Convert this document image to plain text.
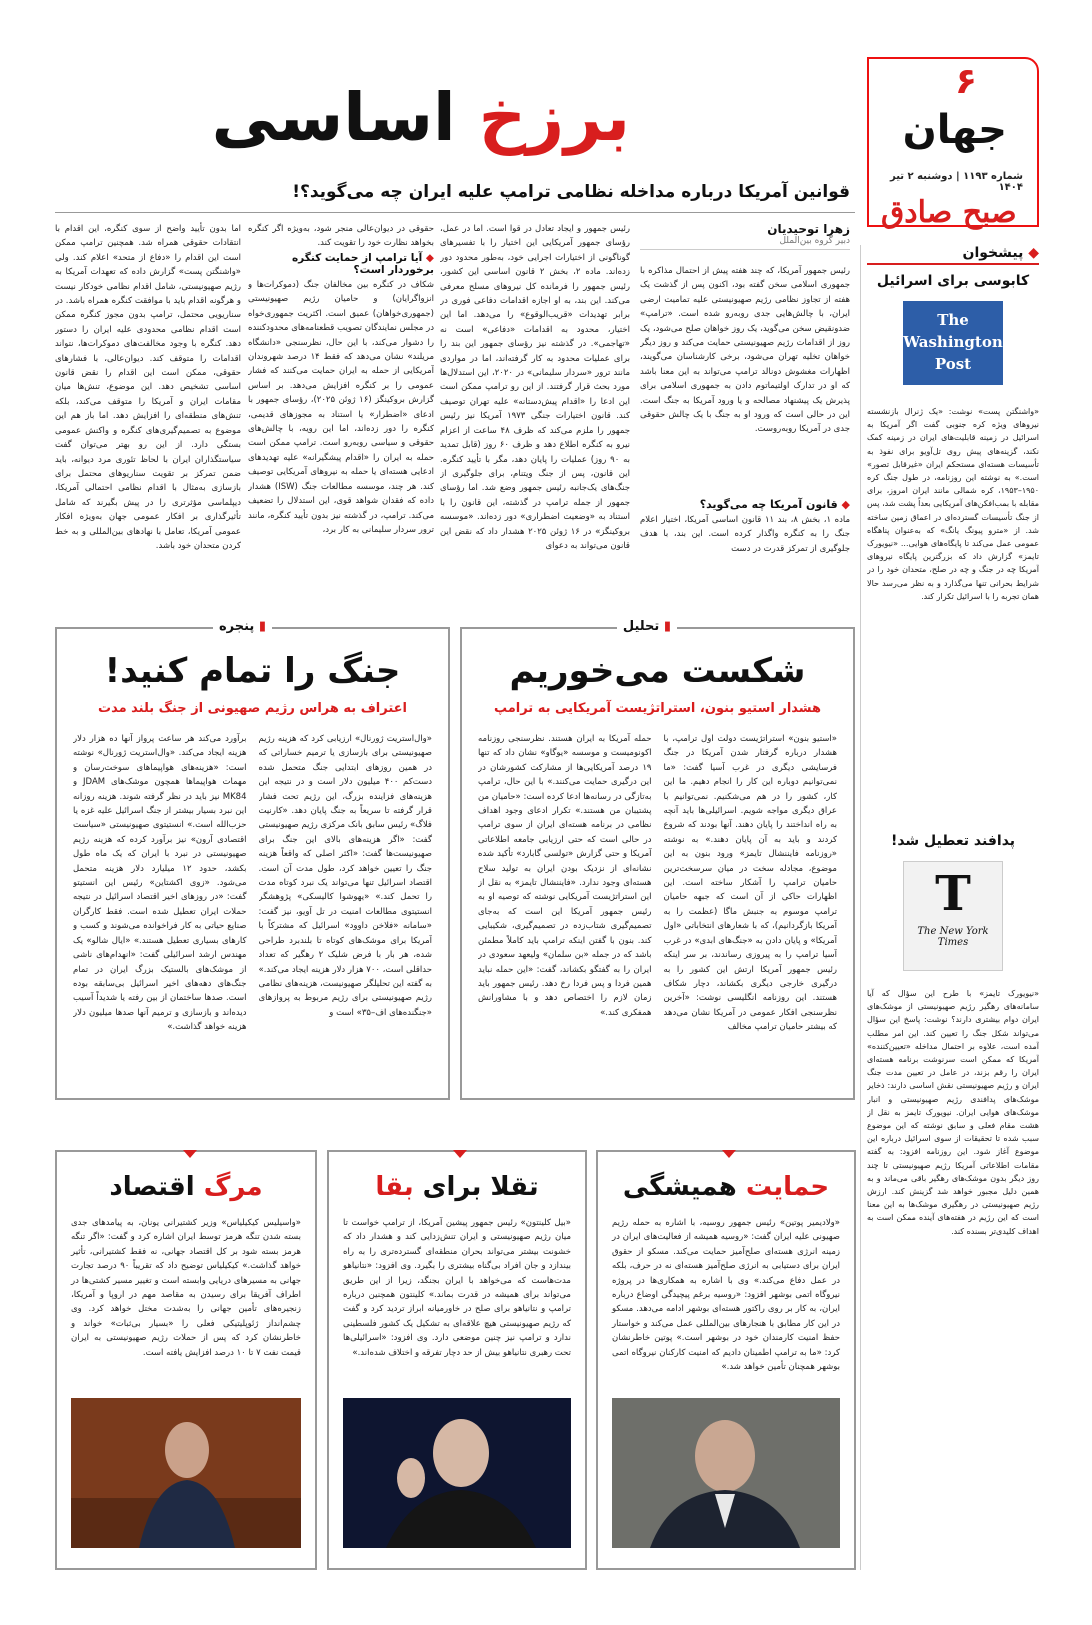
۶
جهان
شماره ۱۱۹۳ | دوشنبه ۲ تیر ۱۴۰۴
صبح صادق
برزخ اساسی
قوانین آمریکا درباره مداخله نظامی ترامپ علیه ایران چه می‌گوید؟!
زهرا توحیدیان
دبیر گروه بین‌الملل
رئیس جمهور آمریکا، که چند هفته پیش از احتمال مذاکره با جمهوری اسلامی سخن گفته بود، اکنون پس از گذشت یک هفته از تجاوز نظامی رژیم صهیونیستی علیه تمامیت ارضی ایران، با چالش‌هایی جدی روبه‌رو شده است. «ترامپ» ضدونقیض سخن می‌گوید، یک روز خواهان صلح می‌شود، یک روز از اقدامات رژیم صهیونیستی حمایت می‌کند و روز دیگر خواهان تخلیه تهران می‌شود، برخی کارشناسان می‌گویند، اظهارات مغشوش دونالد ترامپ می‌تواند به این معنا باشد که او در تدارک اولتیماتوم دادن به جمهوری اسلامی برای پذیرش یک پیشنهاد مصالحه و یا ورود آمریکا به جنگ است. این در حالی است که ورود او به جنگ با یک چالش حقوقی جدی در آمریکا روبه‌روست.
◆ قانون آمریکا چه می‌گوید؟
ماده ۱، بخش ۸، بند ۱۱ قانون اساسی آمریکا، اختیار اعلام جنگ را به کنگره واگذار کرده است. این بند، با هدف جلوگیری از تمرکز قدرت در دست
رئیس جمهور و ایجاد تعادل در قوا است. اما در عمل، رؤسای جمهور آمریکایی این اختیار را با تفسیرهای گوناگونی از اختیارات اجرایی خود، به‌طور محدود دور زده‌اند. ماده ۲، بخش ۲ قانون اساسی این کشور، رئیس جمهور را فرمانده کل نیروهای مسلح معرفی می‌کند. این بند، به او اجازه اقدامات دفاعی فوری در برابر تهدیدات «قریب‌الوقوع» را می‌دهد. اما این اختیار، محدود به اقدامات «دفاعی» است نه «تهاجمی». در گذشته نیز رؤسای جمهور این بند را برای عملیات محدود به کار گرفته‌اند، اما در مواردی مانند ترور «سردار سلیمانی» در ۲۰۲۰، این استدلال‌ها مورد بحث قرار گرفتند. از این رو ترامپ ممکن است این ادعا را «اقدام پیش‌دستانه» علیه تهران توصیف کند. قانون اختیارات جنگی ۱۹۷۳ آمریکا نیز رئیس جمهور را ملزم می‌کند که ظرف ۴۸ ساعت از اعزام نیرو به کنگره اطلاع دهد و ظرف ۶۰ روز (قابل تمدید به ۹۰ روز) عملیات را پایان دهد، مگر با تأیید کنگره. این قانون، پس از جنگ ویتنام، برای جلوگیری از جنگ‌های یک‌جانبه رئیس جمهور وضع شد. اما رؤسای جمهور از جمله ترامپ در گذشته، این قانون را با استناد به «وضعیت اضطراری» دور زده‌اند. «موسسه بروکینگز» در ۱۶ ژوئن ۲۰۲۵ هشدار داد که نقض این قانون می‌تواند به دعوای
حقوقی در دیوان‌عالی منجر شود، به‌ویژه اگر کنگره بخواهد نظارت خود را تقویت کند.
◆ آیا ترامپ از حمایت کنگره برخوردار است؟
شکاف در کنگره بین مخالفان جنگ (دموکرات‌ها و انزواگرایان) و حامیان رژیم صهیونیستی (جمهوری‌خواهان) عمیق است. اکثریت جمهوری‌خواه در مجلس نمایندگان تصویب قطعنامه‌های محدودکننده را دشوار می‌کند، با این حال، نظرسنجی «دانشگاه مریلند» نشان می‌دهد که فقط ۱۴ درصد شهروندان آمریکایی از حمله به ایران حمایت می‌کنند که فشار عمومی را بر کنگره افزایش می‌دهد. بر اساس گزارش بروکینگز (۱۶ ژوئن ۲۰۲۵)، رؤسای جمهور با ادعای «اضطرار» یا استناد به مجوزهای قدیمی، کنگره را دور زده‌اند، اما این رویه، با چالش‌های حقوقی و سیاسی روبه‌رو است. ترامپ ممکن است حمله به ایران را «اقدام پیشگیرانه» علیه تهدیدهای ادعایی هسته‌ای یا حمله به نیروهای آمریکایی توصیف کند. هر چند، موسسه مطالعات جنگ (ISW) هشدار داده که فقدان شواهد قوی، این استدلال را تضعیف می‌کند. ترامپ، در گذشته نیز بدون تأیید کنگره، مانند ترور سردار سلیمانی به کار برد،
اما بدون تأیید واضح از سوی کنگره، این اقدام با انتقادات حقوقی همراه شد. همچنین ترامپ ممکن است این اقدام را «دفاع از متحد» اعلام کند. ولی «واشنگتن پست» گزارش داده که تعهدات آمریکا به رژیم صهیونیستی، شامل اقدام نظامی خودکار نیست و هرگونه اقدام باید با موافقت کنگره همراه باشد. در سناریویی محتمل، ترامپ بدون مجوز کنگره ممکن است اقدام نظامی محدودی علیه ایران را دستور دهد. کنگره با وجود مخالفت‌های دموکرات‌ها، نتواند اقدامات را متوقف کند. دیوان‌عالی، با فشارهای حقوقی، ممکن است این اقدام را نقض قانون اساسی تشخیص دهد. این موضوع، تنش‌ها میان مقامات ایران و آمریکا را متوقف می‌کند، بلکه تنش‌های منطقه‌ای را افزایش دهد. اما باز هم این موضوع به تصمیم‌گیری‌های کنگره و واکنش عمومی بستگی دارد. از این رو بهتر می‌توان گفت سیاستگذاران ایران با لحاظ تئوری مرد دیوانه، باید ضمن تمرکز بر تقویت سناریوهای محتمل برای بازسازی به‌مثال با اقدام نظامی احتمالی آمریکا، دیپلماسی مؤثرتری را در پیش بگیرند که شامل تأثیرگذاری بر افکار عمومی جهان به‌ویژه افکار عمومی آمریکا، تعامل با نهادهای بین‌المللی و به خط کردن متحدان خود باشد.
◆ پیشخوان
کابوسی برای اسرائیل
The Washington Post
«واشنگتن پست» نوشت: «یک ژنرال بازنشسته نیروهای ویژه کره جنوبی گفت اگر آمریکا به اسرائیل در زمینه قابلیت‌های ایران در زمینه کمک نکند، گزینه‌های پیش روی تل‌آویو برای نفوذ به تأسیسات هسته‌ای مستحکم ایران «غیرقابل تصور» است.» به نوشته این روزنامه، در طول جنگ کره ۱۹۵۰–۱۹۵۳، کره شمالی مانند ایران امروز، برای مقابله با بمب‌افکن‌های آمریکایی بعداً پشت شد، پس از جنگ تأسیسات گسترده‌ای در اعماق زمین ساخته شد. از «مترو پیونگ یانگ» که به‌عنوان پناهگاه عمومی عمل می‌کند تا پایگاه‌های هوایی... «نیویورک تایمز» گزارش داد که بزرگترین پایگاه نیروهای آمریکا چه در جنگ و چه در صلح، متحدان خود را در شرایط بحرانی تنها می‌گذارد و به نظر می‌رسد حالا همان تجربه را با اسرائیل تکرار کند.
پدافند تعطیل شد!
T
The New York Times
«نیویورک تایمز» با طرح این سؤال که آیا سامانه‌های رهگیر رژیم صهیونیستی از موشک‌های ایران دوام بیشتری دارند؟ نوشت: پاسخ این سؤال می‌تواند شکل جنگ را تعیین کند. این امر مطلب آمده است، علاوه بر احتمال مداخله «تعیین‌کننده» آمریکا که ممکن است سرنوشت برنامه هسته‌ای ایران را رقم بزند، در عامل در تعیین مدت جنگ ایران و رژیم صهیونیستی نقش اساسی دارند: ذخایر موشک‌های پدافندی رژیم صهیونیستی و انبار موشک‌های هوایی ایران. نیویورک تایمز به نقل از هشت مقام فعلی و سابق نوشته که این موضوع سبب شده تا تحقیقات از سوی اسرائیل درباره این موضوع آغاز شود. این روزنامه افزود: به گفته مقامات اطلاعاتی آمریکا رژیم صهیونیستی تا چند روز دیگر بدون موشک‌های رهگیر باقی می‌ماند و به همین دلیل مجبور خواهد شد گزینش کند. ارزش رژیم صهیونیستی در رهگیری موشک‌ها به این معنا است که این رژیم در هفته‌های آینده ممکن است به اهداف کلیدی‌تر بسنده کند.
▮ تحلیل
شکست می‌خوریم
هشدار استیو بنون، استراتژیست آمریکایی به ترامپ
«استیو بنون» استراتژیست دولت اول ترامپ، با هشدار درباره گرفتار شدن آمریکا در جنگ فرسایشی دیگری در غرب آسیا گفت: «ما نمی‌توانیم دوباره این کار را انجام دهیم. ما این کار، کشور را در هم می‌شکنیم. نمی‌توانیم با عراق دیگری مواجه شویم. اسرائیلی‌ها باید آنچه به راه انداختند را پایان دهند. آنها بودند که شروع کردند و باید به آن پایان دهند.» به نوشته «روزنامه فایننشال تایمز» ورود بنون به این موضوع، مجادله سخت در میان سرسخت‌ترین حامیان ترامپ را آشکار ساخته است. این اظهارات حاکی از آن است که جبهه حامیان ترامپ موسوم به جنبش ماگا (عظمت را به آمریکا بازگردانیم)، که با شعارهای انتخاباتی «اول آمریکا» و پایان دادن به «جنگ‌های ابدی» در غرب آسیا ترامپ را به پیروزی رساندند، بر سر اینکه رئیس جمهور آمریکا ارتش این کشور را به درگیری خارجی دیگری بکشاند، دچار شکاف هستند. این روزنامه انگلیسی نوشت: «آخرین نظرسنجی افکار عمومی در آمریکا نشان می‌دهد که بیشتر حامیان ترامپ مخالف
حمله آمریکا به ایران هستند. نظرسنجی روزنامه اکونومیست و موسسه «یوگاو» نشان داد که تنها ۱۹ درصد آمریکایی‌ها از مشارکت کشورشان در این درگیری حمایت می‌کنند.» با این حال، ترامپ به‌تازگی در رسانه‌ها ادعا کرده است: «حامیان من پشتیبان من هستند.» تکرار ادعای وجود اهداف نظامی در برنامه هسته‌ای ایران از سوی ترامپ در حالی است که حتی ارزیابی جامعه اطلاعاتی آمریکا و حتی گزارش «تولسی گابارد» تأکید شده نشانه‌ای از نزدیک بودن ایران به تولید سلاح هسته‌ای وجود ندارد. «فایننشال تایمز» به نقل از این استراتژیست آمریکایی نوشته که توصیه او به رئیس جمهور آمریکا این است که به‌جای تصمیم‌گیری شتاب‌زده در تصمیم‌گیری، شکیبایی کند. بنون با گفتن اینکه ترامپ باید کاملاً مطمئن باشد که در جمله «بن سلمان» ولیعهد سعودی در ایران را به گفتگو بکشاند، گفت: «این حمله نباید همین فردا و پس فردا رخ دهد. رئیس جمهور باید زمان لازم را اختصاص دهد و با مشاورانش همفکری کند.»
▮ پنجره
جنگ را تمام کنید!
اعتراف به هراس رژیم صهیونی از جنگ بلند مدت
«وال‌استریت ژورنال» ارزیابی کرد که هزینه رژیم صهیونیستی برای بازسازی یا ترمیم خساراتی که در همین روزهای ابتدایی جنگ متحمل شده دست‌کم ۴۰۰ میلیون دلار است و در نتیجه این هزینه‌های فزاینده بزرگ، این رژیم تحت فشار قرار گرفته تا سریعاً به جنگ پایان دهد. «کارنیت فلاگ» رئیس سابق بانک مرکزی رژیم صهیونیستی گفت: «اگر هزینه‌های بالای این جنگ برای صهیونیست‌ها گفت: «اکثر اصلی که واقعاً هزینه جنگ را تعیین خواهد کرد، طول مدت آن است. اقتصاد اسرائیل تنها می‌تواند یک نبرد کوتاه مدت را تحمل کند.» «یهوشوا کالیسکی» پژوهشگر انستیتوی مطالعات امنیت در تل آویو، نیز گفت: «سامانه «فلاخن داوود» اسرائیل که مشترکاً با آمریکا برای موشک‌های کوتاه تا بلندبرد طراحی شده، هر بار با فرض شلیک ۲ رهگیر که تعداد حداقلی است، ۷۰۰ هزار دلار هزینه ایجاد می‌کند.» به گفته این تحلیلگر صهیونیست، هزینه‌های نظامی رژیم صهیونیستی برای رژیم مربوط به پروازهای «جنگنده‌های اف–۳۵» است و
برآورد می‌کند هر ساعت پرواز آنها ده هزار دلار هزینه ایجاد می‌کند. «وال‌استریت ژورنال» نوشته است: «هزینه‌های هواپیماهای سوخت‌رسان و مهمات هواپیماها همچون موشک‌های JDAM و MK84 نیز باید در نظر گرفته شوند. هزینه روزانه این نبرد بسیار بیشتر از جنگ اسرائیل علیه غزه یا حزب‌الله است.» انستیتوی صهیونیستی «سیاست اقتصادی آرون» نیز برآورد کرده که هزینه رژیم صهیونیستی در نبرد با ایران که یک ماه طول بکشد، حدود ۱۲ میلیارد دلار هزینه متحمل می‌شود. «زوی اکشتاین» رئیس این انستیتو گفت: «در روزهای اخیر اقتصاد اسرائیل در نتیجه حملات ایران تعطیل شده است. فقط کارگران صنایع حیاتی به کار فراخوانده می‌شوند و کسب و کارهای بسیاری تعطیل هستند.» «ایال شالو» یک مهندس ارشد اسرائیلی گفت: «انهدام‌های ناشی از موشک‌های بالستیک بزرگ ایران در تمام جنگ‌های دهه‌های اخیر اسرائیل بی‌سابقه بوده است. صدها ساختمان از بین رفته یا شدیداً آسیب دیده‌اند و بازسازی و ترمیم آنها صدها میلیون دلار هزینه خواهد گذاشت.»
حمایت همیشگی
«ولادیمیر پوتین» رئیس جمهور روسیه، با اشاره به حمله رژیم صهیونی علیه ایران گفت: «روسیه همیشه از فعالیت‌های ایران در زمینه انرژی هسته‌ای صلح‌آمیز حمایت می‌کند. مسکو از حقوق ایران برای دستیابی به انرژی صلح‌آمیز هسته‌ای نه در حرف، بلکه در عمل دفاع می‌کند.» وی با اشاره به همکاری‌ها در پروژه نیروگاه اتمی بوشهر افزود: «روسیه برغم پیچیدگی اوضاع درباره ایران، به کار بر روی راکتور هسته‌ای بوشهر ادامه می‌دهد. مسکو در این کار مطابق با هنجارهای بین‌المللی عمل می‌کند و خواستار حفظ امنیت کارمندان خود در بوشهر است.» پوتین خاطرنشان کرد: «ما به ترامپ اطمینان دادیم که امنیت کارکنان نیروگاه اتمی بوشهر همچنان تأمین خواهد شد.»
تقلا برای بقا
«بیل کلینتون» رئیس جمهور پیشین آمریکا، از ترامپ خواست تا میان رژیم صهیونیستی و ایران تنش‌زدایی کند و هشدار داد که خشونت بیشتر می‌تواند بحران منطقه‌ای گسترده‌تری را به راه بیندازد و جان افراد بی‌گناه بیشتری را بگیرد. وی افزود: «نتانیاهو مدت‌هاست که می‌خواهد با ایران بجنگد، زیرا از این طریق می‌تواند برای همیشه در قدرت بماند.» کلینتون همچنین درباره ترامپ و نتانیاهو برای صلح در خاورمیانه ابراز تردید کرد و گفت که رژیم صهیونیستی هیچ علاقه‌ای به تشکیل یک کشور فلسطینی ندارد و ترامپ نیز چنین موضعی دارد. وی افزود: «اسرائیلی‌ها تحت رهبری نتانیاهو بیش از حد دچار تفرقه و اختلاف شده‌اند.»
مرگ اقتصاد
«واسیلیس کیکیلیاس» وزیر کشتیرانی یونان، به پیامدهای جدی بسته شدن تنگه هرمز توسط ایران اشاره کرد و گفت: «اگر تنگه هرمز بسته شود بر کل اقتصاد جهانی، نه فقط کشتیرانی، تأثیر خواهد گذاشت.» کیکیلیاس توضیح داد که تقریباً ۹۰ درصد تجارت جهانی به مسیرهای دریایی وابسته است و تغییر مسیر کشتی‌ها در اطراف آفریقا برای رسیدن به مقاصد مهم در اروپا و آمریکا، زنجیره‌های تأمین جهانی را به‌شدت مختل خواهد کرد. وی چشم‌انداز ژئوپلیتیکی فعلی را «بسیار بی‌ثبات» خواند و خاطرنشان کرد که پس از حملات رژیم صهیونیستی به ایران قیمت نفت ۷ تا ۱۰ درصد افزایش یافته است.
